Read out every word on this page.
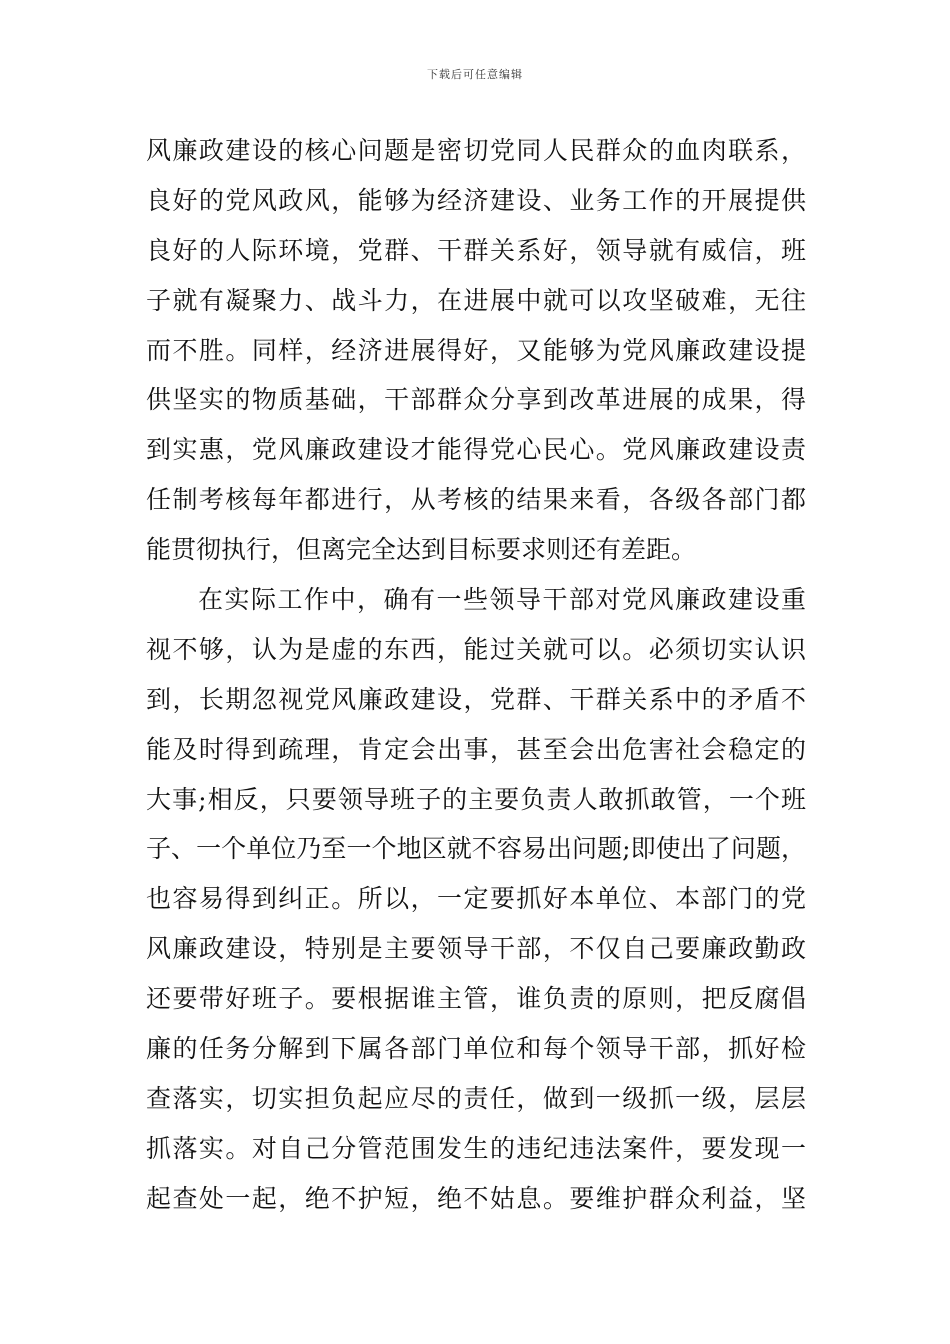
下载后可任意编辑
风廉政建设的核心问题是密切党同人民群众的血肉联系，
良好的党风政风，能够为经济建设、业务工作的开展提供
良好的人际环境，党群、干群关系好，领导就有威信，班
子就有凝聚力、战斗力，在进展中就可以攻坚破难，无往
而不胜。同样，经济进展得好，又能够为党风廉政建设提
供坚实的物质基础，干部群众分享到改革进展的成果，得
到实惠，党风廉政建设才能得党心民心。党风廉政建设责
任制考核每年都进行，从考核的结果来看，各级各部门都
能贯彻执行，但离完全达到目标要求则还有差距。
在实际工作中，确有一些领导干部对党风廉政建设重
视不够，认为是虚的东西，能过关就可以。必须切实认识
到，长期忽视党风廉政建设，党群、干群关系中的矛盾不
能及时得到疏理，肯定会出事，甚至会出危害社会稳定的
大事;相反，只要领导班子的主要负责人敢抓敢管，一个班
子、一个单位乃至一个地区就不容易出问题;即使出了问题，
也容易得到纠正。所以，一定要抓好本单位、本部门的党
风廉政建设，特别是主要领导干部，不仅自己要廉政勤政
还要带好班子。要根据谁主管，谁负责的原则，把反腐倡
廉的任务分解到下属各部门单位和每个领导干部，抓好检
查落实，切实担负起应尽的责任，做到一级抓一级，层层
抓落实。对自己分管范围发生的违纪违法案件，要发现一
起查处一起，绝不护短，绝不姑息。要维护群众利益，坚
